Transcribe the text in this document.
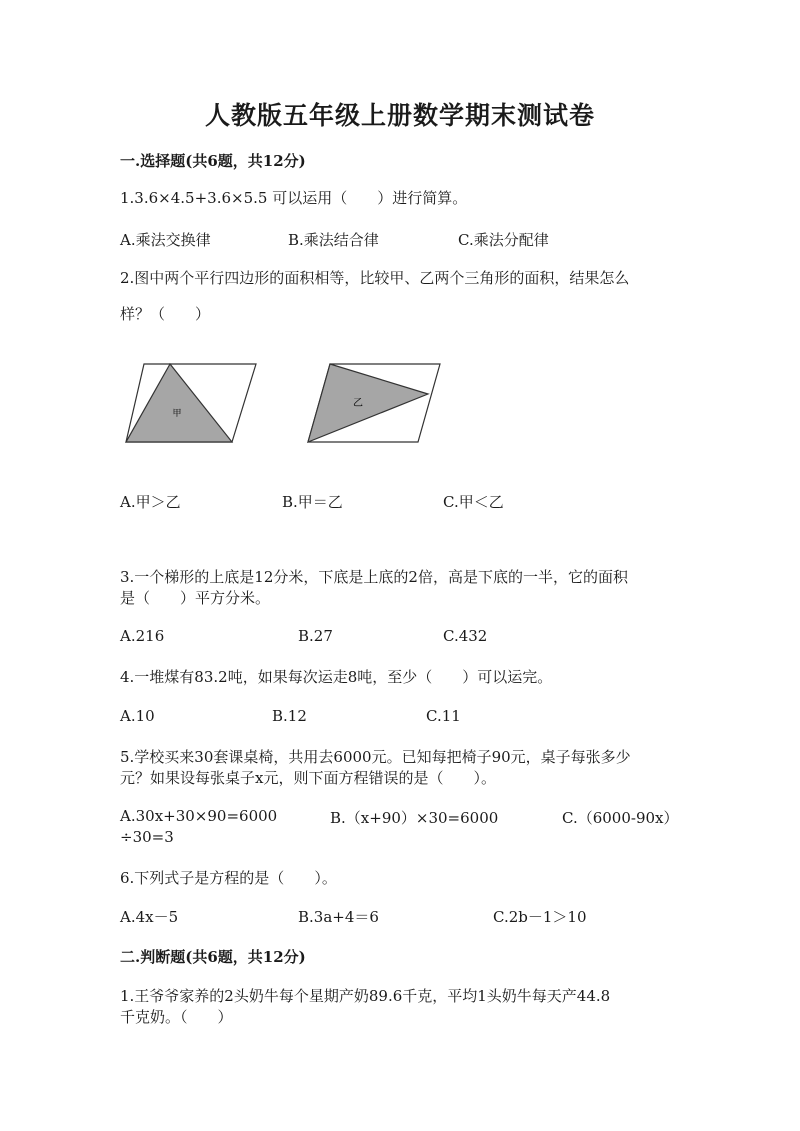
人教版五年级上册数学期末测试卷
一.选择题(共6题，共12分)
1.3.6×4.5+3.6×5.5 可以运用（　　）进行简算。
A.乘法交换律	B.乘法结合律	C.乘法分配律
2.图中两个平行四边形的面积相等，比较甲、乙两个三角形的面积，结果怎么
样？（　　）
甲
乙
A.甲＞乙	B.甲＝乙	C.甲＜乙
3.一个梯形的上底是12分米，下底是上底的2倍，高是下底的一半，它的面积
是（　　）平方分米。
A.216	B.27	C.432
4.一堆煤有83.2吨，如果每次运走8吨，至少（　　）可以运完。
A.10	B.12	C.11
5.学校买来30套课桌椅，共用去6000元。已知每把椅子90元，桌子每张多少
元？如果设每张桌子x元，则下面方程错误的是（　　）。
A.30x+30×90=6000	B.（x+90）×30=6000	C.（6000-90x）
÷30=3
6.下列式子是方程的是（　　）。
A.4x－5	B.3a+4＝6	C.2b－1＞10
二.判断题(共6题，共12分)
1.王爷爷家养的2头奶牛每个星期产奶89.6千克，平均1头奶牛每天产44.8
千克奶。（　　）
